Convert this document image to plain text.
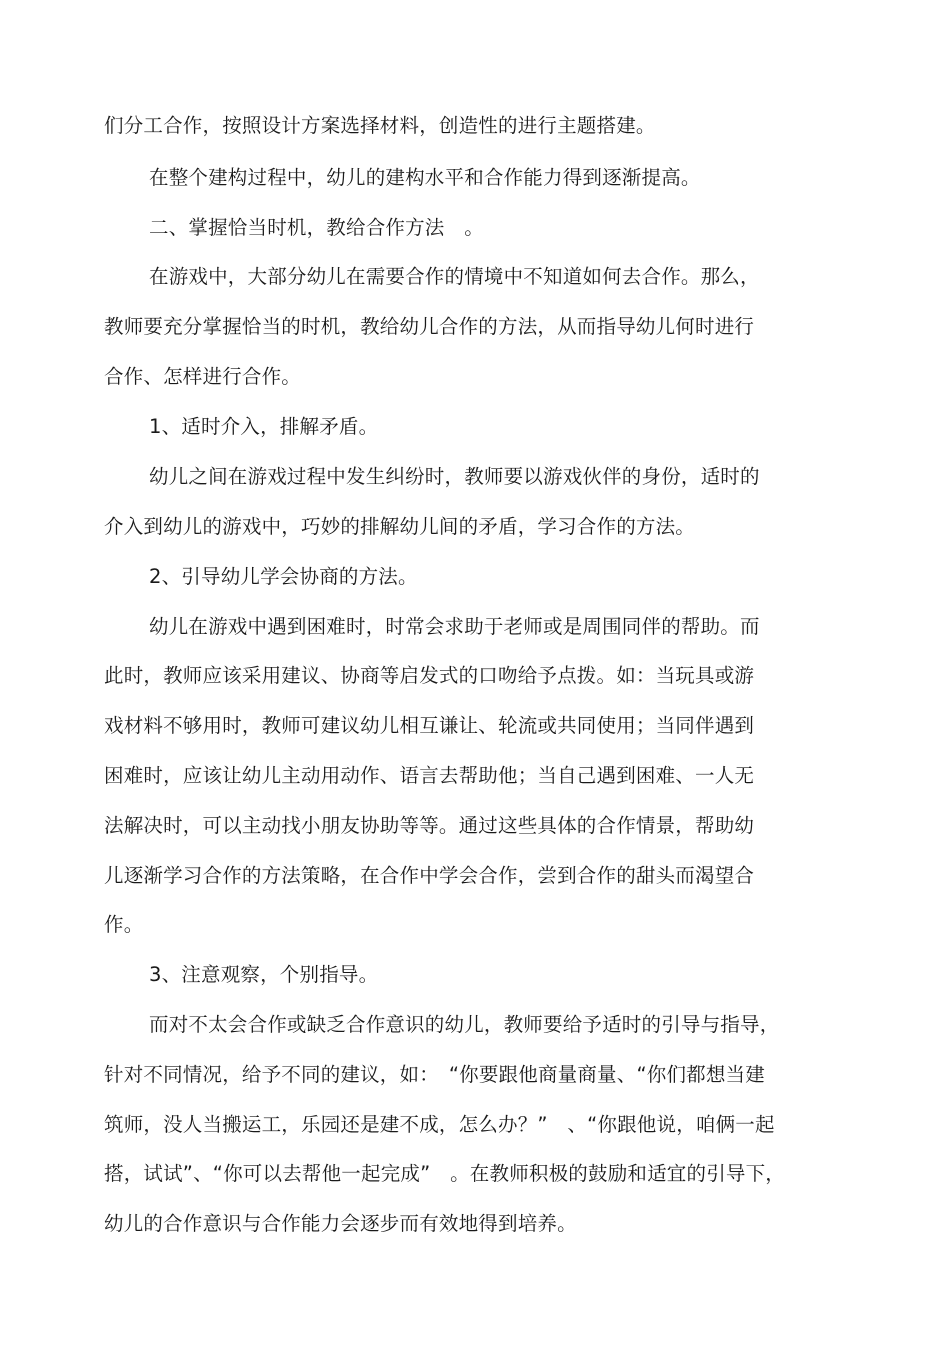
们分工合作，按照设计方案选择材料，创造性的进行主题搭建。
在整个建构过程中，幼儿的建构水平和合作能力得到逐渐提高。
二、掌握恰当时机，教给合作方法　。
在游戏中，大部分幼儿在需要合作的情境中不知道如何去合作。那么，
教师要充分掌握恰当的时机，教给幼儿合作的方法，从而指导幼儿何时进行
合作、怎样进行合作。
1、适时介入，排解矛盾。
幼儿之间在游戏过程中发生纠纷时，教师要以游戏伙伴的身份，适时的
介入到幼儿的游戏中，巧妙的排解幼儿间的矛盾，学习合作的方法。
2、引导幼儿学会协商的方法。
幼儿在游戏中遇到困难时，时常会求助于老师或是周围同伴的帮助。而
此时，教师应该采用建议、协商等启发式的口吻给予点拨。如：当玩具或游
戏材料不够用时，教师可建议幼儿相互谦让、轮流或共同使用；当同伴遇到
困难时，应该让幼儿主动用动作、语言去帮助他；当自己遇到困难、一人无
法解决时，可以主动找小朋友协助等等。通过这些具体的合作情景，帮助幼
儿逐渐学习合作的方法策略，在合作中学会合作，尝到合作的甜头而渴望合
作。
3、注意观察，个别指导。
而对不太会合作或缺乏合作意识的幼儿，教师要给予适时的引导与指导，
针对不同情况，给予不同的建议，如：　“你要跟他商量商量、“你们都想当建
筑师，没人当搬运工，乐园还是建不成，怎么办？”　、“你跟他说，咱俩一起
搭，试试”、“你可以去帮他一起完成”　。在教师积极的鼓励和适宜的引导下，
幼儿的合作意识与合作能力会逐步而有效地得到培养。
